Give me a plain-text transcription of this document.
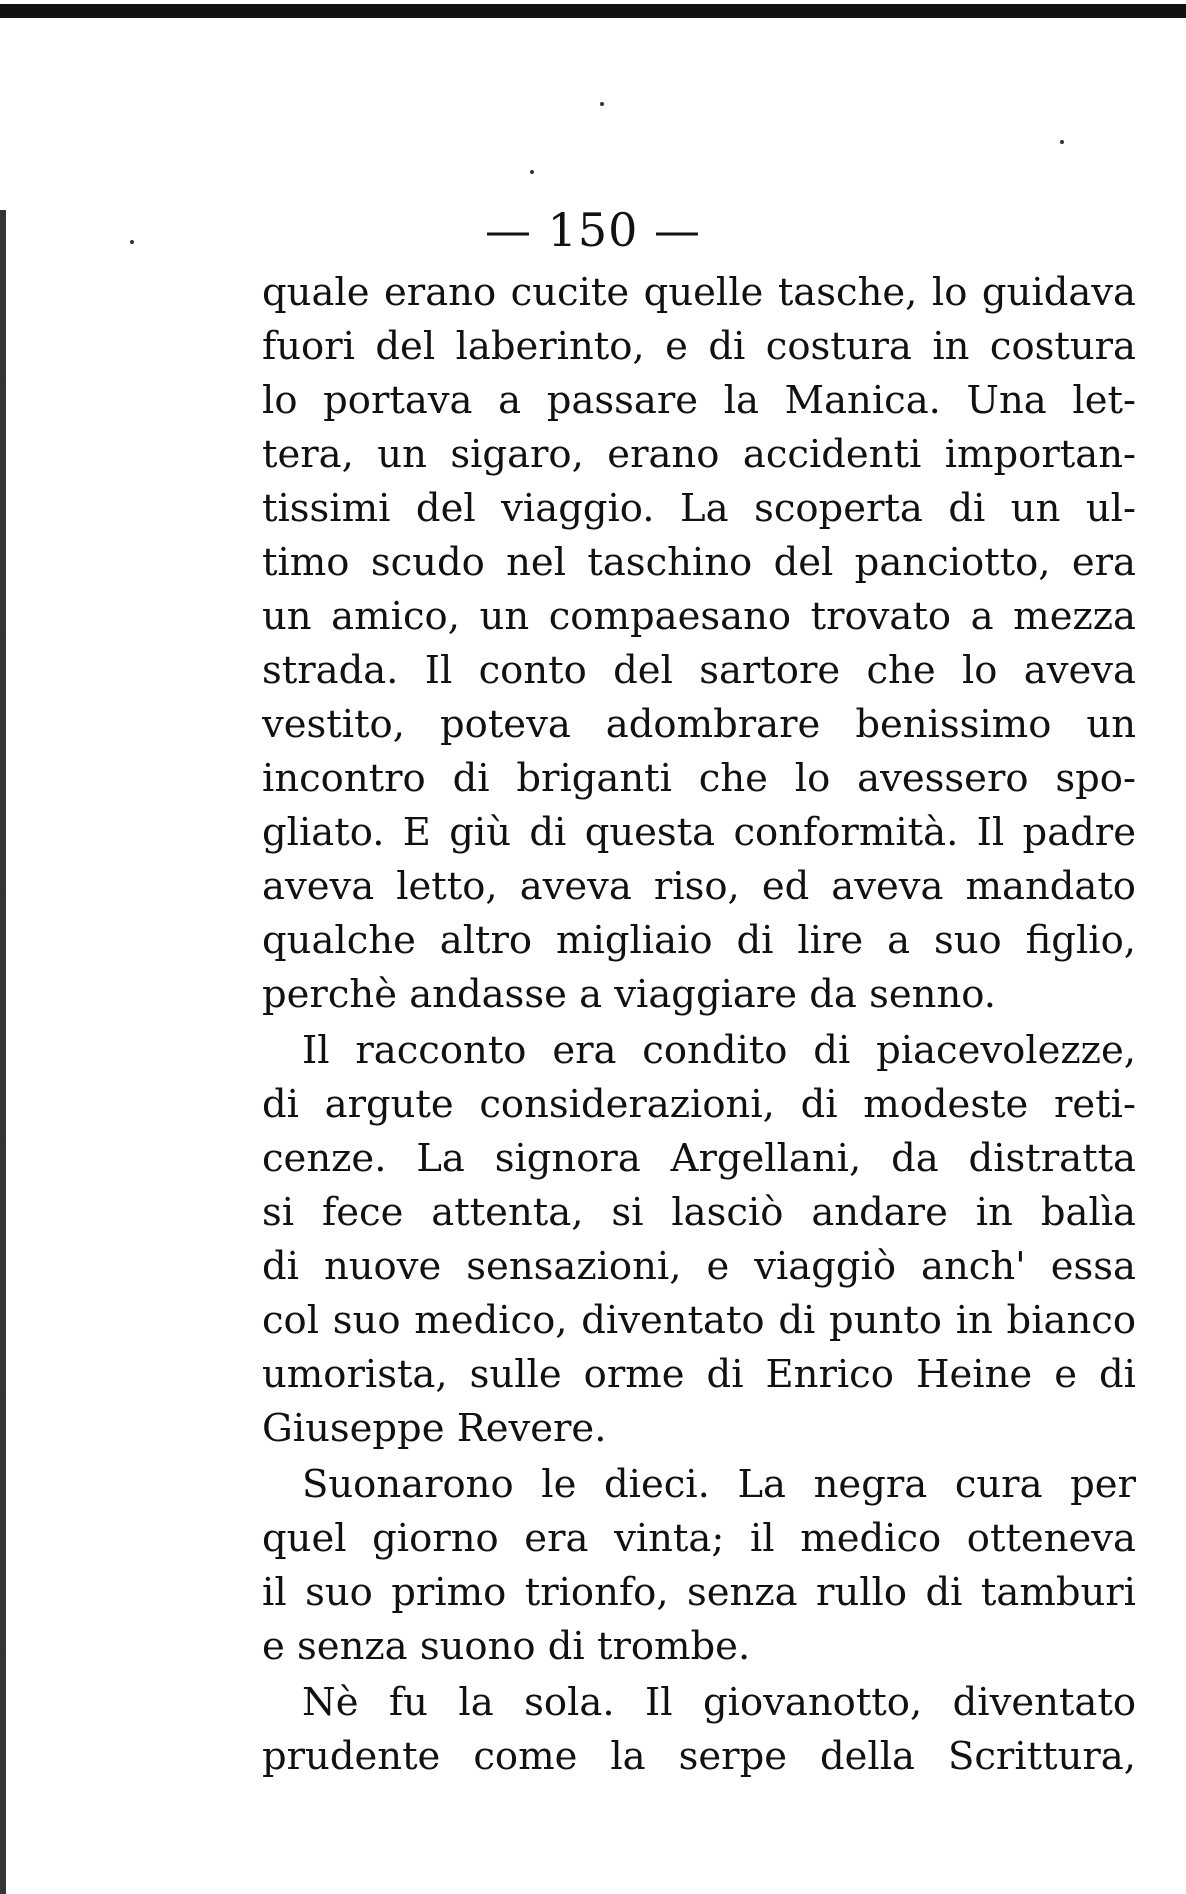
— 150 —
quale erano cucite quelle tasche, lo guidava
fuori del laberinto, e di costura in costura
lo portava a passare la Manica. Una let-
tera, un sigaro, erano accidenti importan-
tissimi del viaggio. La scoperta di un ul-
timo scudo nel taschino del panciotto, era
un amico, un compaesano trovato a mezza
strada. Il conto del sartore che lo aveva
vestito, poteva adombrare benissimo un
incontro di briganti che lo avessero spo-
gliato. E giù di questa conformità. Il padre
aveva letto, aveva riso, ed aveva mandato
qualche altro migliaio di lire a suo figlio,
perchè andasse a viaggiare da senno.
Il racconto era condito di piacevolezze,
di argute considerazioni, di modeste reti-
cenze. La signora Argellani, da distratta
si fece attenta, si lasciò andare in balìa
di nuove sensazioni, e viaggiò anch' essa
col suo medico, diventato di punto in bianco
umorista, sulle orme di Enrico Heine e di
Giuseppe Revere.
Suonarono le dieci. La negra cura per
quel giorno era vinta; il medico otteneva
il suo primo trionfo, senza rullo di tamburi
e senza suono di trombe.
Nè fu la sola. Il giovanotto, diventato
prudente come la serpe della Scrittura,
